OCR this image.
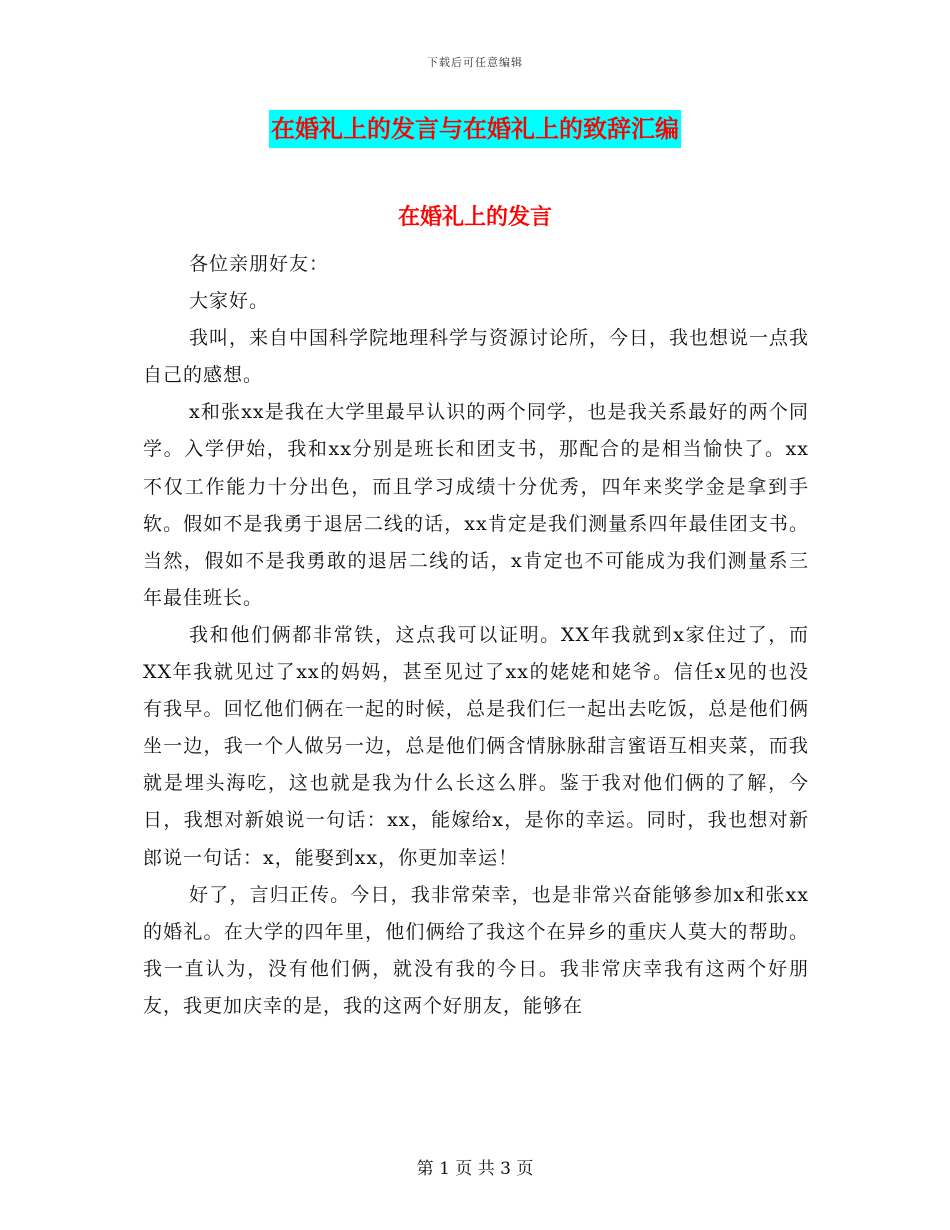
下载后可任意编辑
在婚礼上的发言与在婚礼上的致辞汇编
在婚礼上的发言

各位亲朋好友：

大家好。

我叫，来自中国科学院地理科学与资源讨论所，今日，我也想说一点我自己的感想。

x和张xx是我在大学里最早认识的两个同学，也是我关系最好的两个同学。入学伊始，我和xx分别是班长和团支书，那配合的是相当愉快了。xx不仅工作能力十分出色，而且学习成绩十分优秀，四年来奖学金是拿到手软。假如不是我勇于退居二线的话，xx肯定是我们测量系四年最佳团支书。当然，假如不是我勇敢的退居二线的话，x肯定也不可能成为我们测量系三年最佳班长。

我和他们俩都非常铁，这点我可以证明。XX年我就到x家住过了，而XX年我就见过了xx的妈妈，甚至见过了xx的姥姥和姥爷。信任x见的也没有我早。回忆他们俩在一起的时候，总是我们仨一起出去吃饭，总是他们俩坐一边，我一个人做另一边，总是他们俩含情脉脉甜言蜜语互相夹菜，而我就是埋头海吃，这也就是我为什么长这么胖。鉴于我对他们俩的了解，今日，我想对新娘说一句话：xx，能嫁给x，是你的幸运。同时，我也想对新郎说一句话：x，能娶到xx，你更加幸运！

好了，言归正传。今日，我非常荣幸，也是非常兴奋能够参加x和张xx的婚礼。在大学的四年里，他们俩给了我这个在异乡的重庆人莫大的帮助。我一直认为，没有他们俩，就没有我的今日。我非常庆幸我有这两个好朋友，我更加庆幸的是，我的这两个好朋友，能够在

第 1 页 共 3 页
